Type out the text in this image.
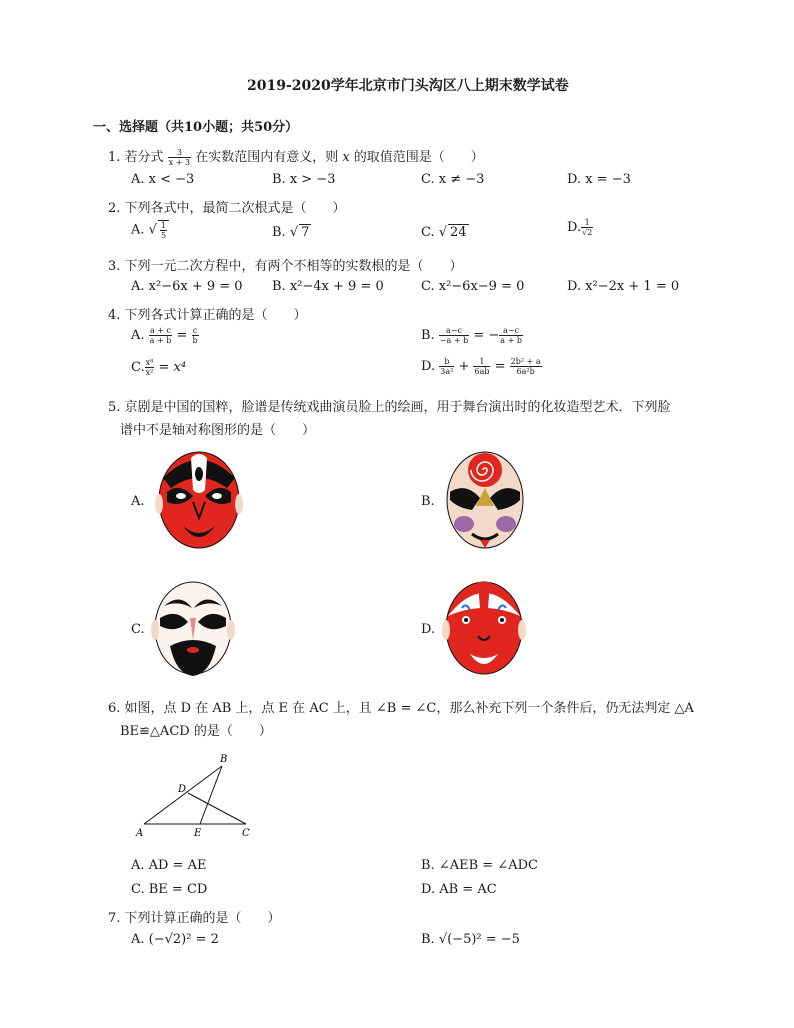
2019-2020学年北京市门头沟区八上期末数学试卷
一、选择题（共10小题；共50分）
1. 若分式 $\frac{3}{x + 3}$ 在实数范围内有意义，则 x 的取值范围是（　　）
A. x < −3	B. x > −3	C. x ≠ −3	D. x = −3
2. 下列各式中，最简二次根式是（　　）
A. √ $\frac{1}{5}$	B. √ 7	C. √ 24	D. $\frac{1}{√2}$
3. 下列一元二次方程中，有两个不相等的实数根的是（　　）
A. x²−6x + 9 = 0 B. x²−4x + 9 = 0	C. x²−6x−9 = 0	D. x²−2x + 1 = 0
4. 下列各式计算正确的是（　　）
A. $\frac{a + c}{a + b} = \frac{c}{b}$	B. $\frac{a-c}{-a + b}$ = − $\frac{a-c}{a + b}$
C. $\frac{\text{x⁸}}{\text{x²}} = x^4$	D. $\frac{b}{\text{3a²}} + \frac{1}{6ab} = \frac{\text{2b² + a}}{\text{6a²b}}$
5. 京剧是中国的国粹，脸谱是传统戏曲演员脸上的绘画，用于舞台演出时的化妆造型艺术．下列脸
谱中不是轴对称图形的是（　　）
A.	B.
C.	D.
6. 如图，点 D 在 AB 上，点 E 在 AC 上，且 ∠B = ∠C，那么补充下列一个条件后，仍无法判定 △A
BE≌△ACD 的是（　　）
A
B
C
D
E
A. AD = AE	B. ∠AEB = ∠ADC
C. BE = CD	D. AB = AC
7. 下列计算正确的是（　　）
A. (−√2)² = 2	B. √(−5)² = −5
